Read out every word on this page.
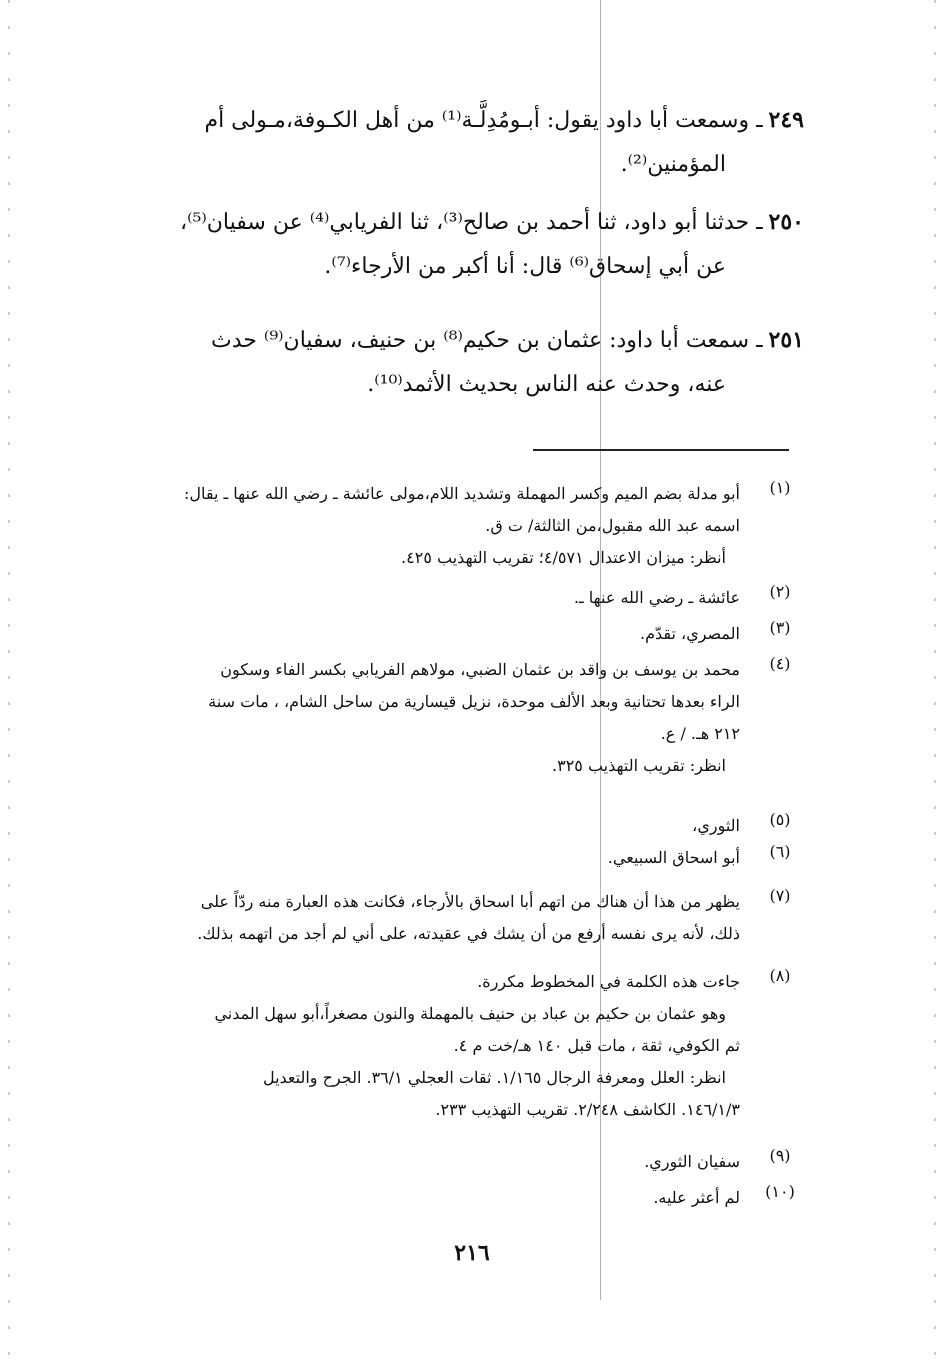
٢٤٩ـ وسمعت أبا داود يقول: أبـومُدِلَّـة⁽¹⁾ من أهل الكـوفة،مـولى أم
المؤمنين⁽²⁾.
٢٥٠ـ حدثنا أبو داود، ثنا أحمد بن صالح⁽³⁾، ثنا الفريابي⁽⁴⁾ عن سفيان⁽⁵⁾،
عن أبي إسحاق⁽⁶⁾ قال: أنا أكبر من الأرجاء⁽⁷⁾.
٢٥١ـ سمعت أبا داود: عثمان بن حكيم⁽⁸⁾ بن حنيف، سفيان⁽⁹⁾ حدث
عنه، وحدث عنه الناس بحديث الأثمد⁽¹⁰⁾.
(١)
أبو مدلة بضم الميم وكسر المهملة وتشديد اللام،مولى عائشة ـ رضي الله عنها ـ يقال:
اسمه عبد الله مقبول،من الثالثة/ ت ق.
أنظر: ميزان الاعتدال ٤/٥٧١؛ تقريب التهذيب ٤٢٥.
(٢)
عائشة ـ رضي الله عنها ـ.
(٣)
المصري، تقدّم.
(٤)
محمد بن يوسف بن واقد بن عثمان الضبي، مولاهم الفريابي بكسر الفاء وسكون
الراء بعدها تحتانية وبعد الألف موحدة، نزيل قيسارية من ساحل الشام، ، مات سنة
٢١٢ هـ. / ع.
انظر: تقريب التهذيب ٣٢٥.
(٥)
الثوري،
(٦)
أبو اسحاق السبيعي.
(٧)
يظهر من هذا أن هناك من اتهم أبا اسحاق بالأرجاء، فكانت هذه العبارة منه ردّاً على
ذلك، لأنه يرى نفسه أرفع من أن يشك في عقيدته، على أني لم أجد من اتهمه بذلك.
(٨)
جاءت هذه الكلمة في المخطوط مكررة.
وهو عثمان بن حكيم بن عباد بن حنيف بالمهملة والنون مصغراً،أبو سهل المدني
ثم الكوفي، ثقة ، مات قبل ١٤٠ هـ/خت م ٤.
انظر: العلل ومعرفة الرجال ١/١٦٥. ثقات العجلي ٣٦/١. الجرح والتعديل
١٤٦/١/٣. الكاشف ٢/٢٤٨. تقريب التهذيب ٢٣٣.
(٩)
سفيان الثوري.
(١٠)
لم أعثر عليه.
٢١٦
